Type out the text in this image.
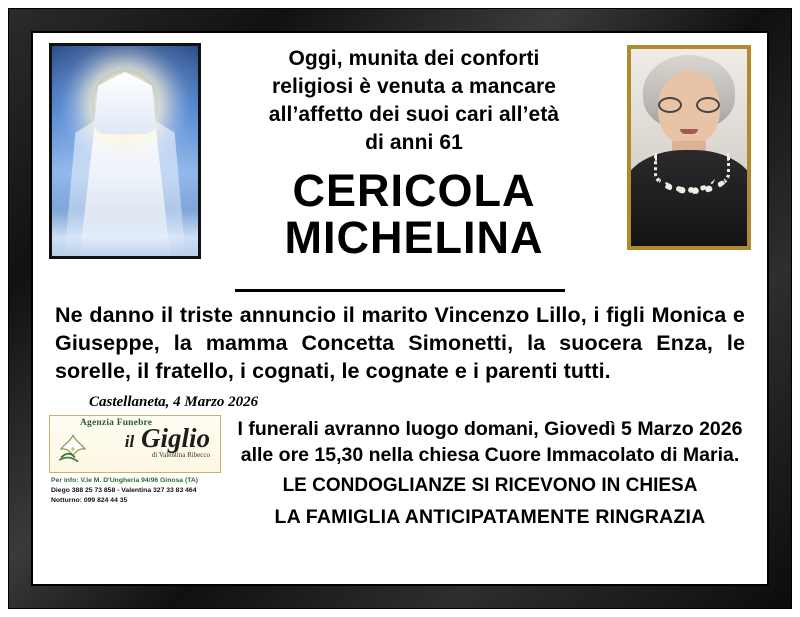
Oggi, munita dei conforti
religiosi è venuta a mancare
all’affetto dei suoi cari all’età
di anni 61
CERICOLA
MICHELINA
Ne danno il triste annuncio il marito Vincenzo Lillo, i figli Monica e Giuseppe, la mamma Concetta Simonetti, la suocera Enza, le sorelle, il fratello, i cognati, le cognate e i parenti tutti.
Castellaneta, 4 Marzo 2026
Agenzia Funebre
il Giglio
di Valentina Ribecco
Per info: V.le M. D'Ungheria 94/96 Ginosa (TA)
Diego 388 25 73 858 - Valentina 327 33 83 464
Notturno: 099 824 44 35
I funerali avranno luogo domani, Giovedì 5 Marzo 2026
alle ore 15,30 nella chiesa Cuore Immacolato di Maria.
LE CONDOGLIANZE SI RICEVONO IN CHIESA
LA FAMIGLIA ANTICIPATAMENTE RINGRAZIA
